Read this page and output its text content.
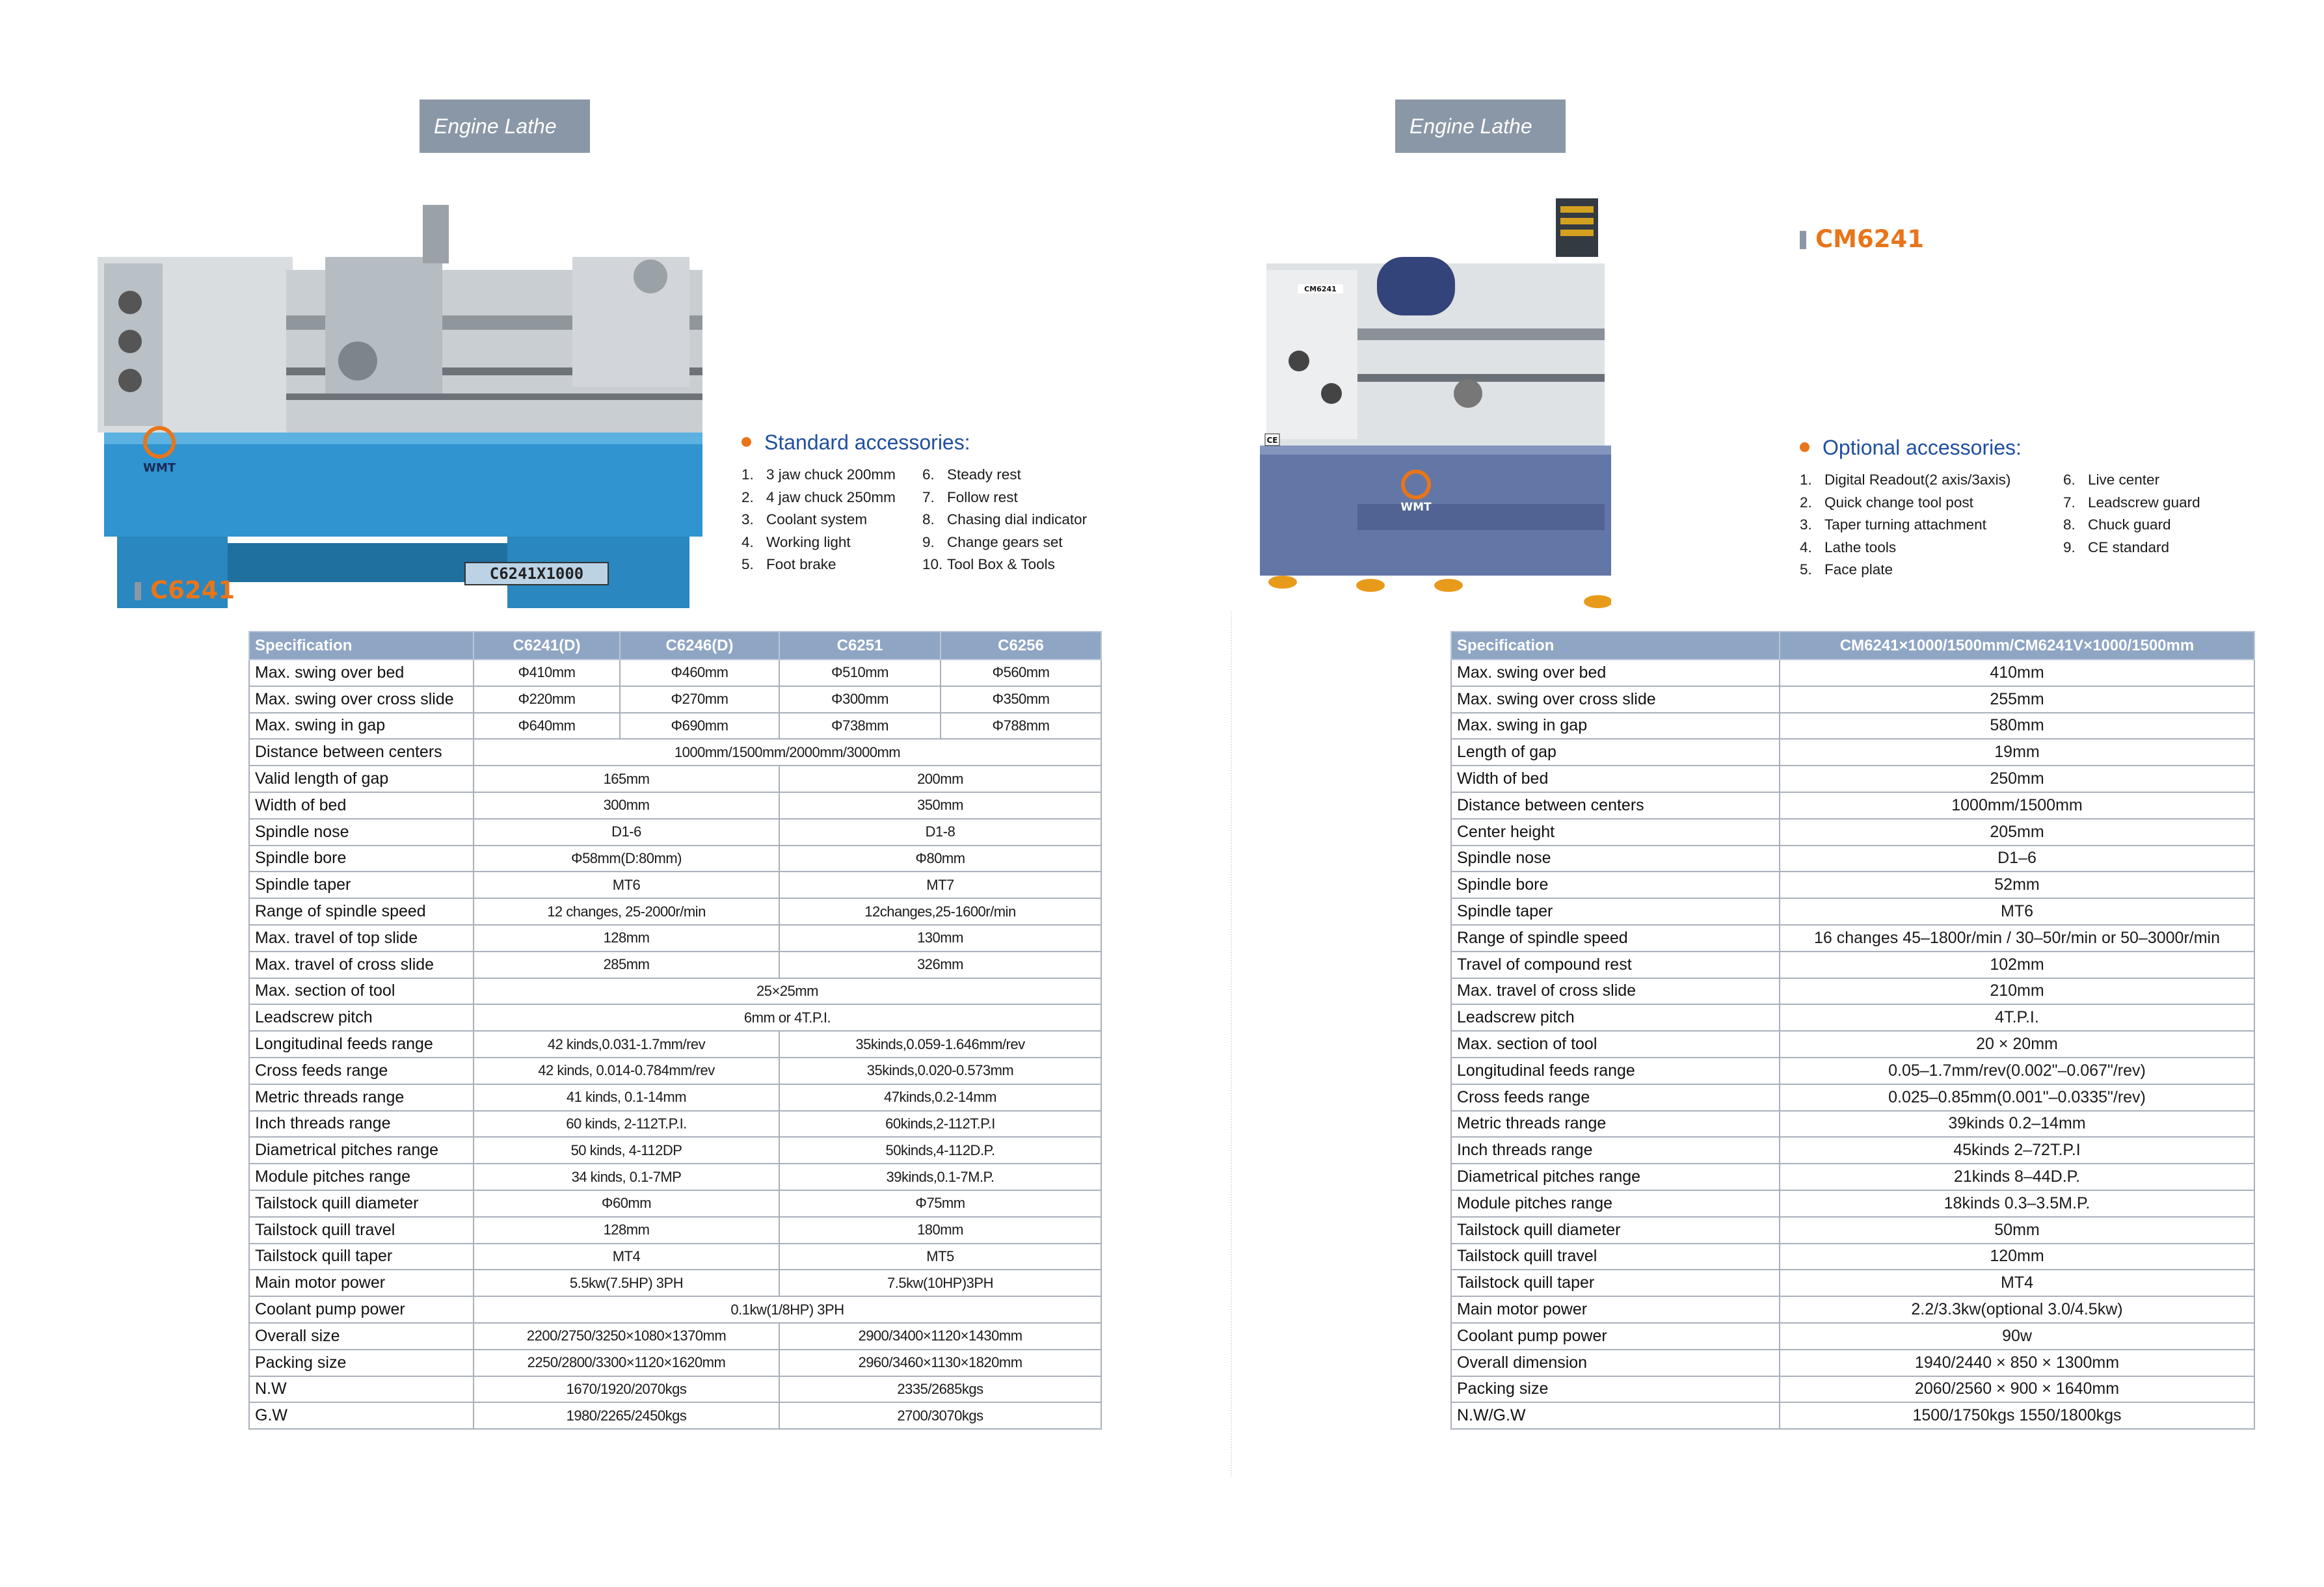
Engine Lathe
C6241X1000
WMT
C6241
Standard accessories:
1. 3 jaw chuck 200mm
2. 4 jaw chuck 250mm
3. Coolant system
4. Working light
5. Foot brake
6. Steady rest
7. Follow rest
8. Chasing dial indicator
9. Change gears set
10. Tool Box & Tools
Specification	C6241(D)	C6246(D)	C6251	C6256
Max. swing over bed	Φ410mm	Φ460mm	Φ510mm	Φ560mm
Max. swing over cross slide	Φ220mm	Φ270mm	Φ300mm	Φ350mm
Max. swing in gap	Φ640mm	Φ690mm	Φ738mm	Φ788mm
Distance between centers	1000mm/1500mm/2000mm/3000mm			
Valid length of gap	165mm		200mm	
Width of bed	300mm		350mm	
Spindle nose	D1-6		D1-8	
Spindle bore	Φ58mm(D:80mm)		Φ80mm	
Spindle taper	MT6		MT7	
Range of spindle speed	12 changes, 25-2000r/min		12changes,25-1600r/min	
Max. travel of top slide	128mm		130mm	
Max. travel of cross slide	285mm		326mm	
Max. section of tool	25×25mm			
Leadscrew pitch	6mm or 4T.P.I.			
Longitudinal feeds range	42 kinds,0.031-1.7mm/rev		35kinds,0.059-1.646mm/rev	
Cross feeds range	42 kinds, 0.014-0.784mm/rev		35kinds,0.020-0.573mm	
Metric threads range	41 kinds, 0.1-14mm		47kinds,0.2-14mm	
Inch threads range	60 kinds, 2-112T.P.I.		60kinds,2-112T.P.I	
Diametrical pitches range	50 kinds, 4-112DP		50kinds,4-112D.P.	
Module pitches range	34 kinds, 0.1-7MP		39kinds,0.1-7M.P.	
Tailstock quill diameter	Φ60mm		Φ75mm	
Tailstock quill travel	128mm		180mm	
Tailstock quill taper	MT4		MT5	
Main motor power	5.5kw(7.5HP) 3PH		7.5kw(10HP)3PH	
Coolant pump power	0.1kw(1/8HP) 3PH			
Overall size	2200/2750/3250×1080×1370mm		2900/3400×1120×1430mm	
Packing size	2250/2800/3300×1120×1620mm		2960/3460×1130×1820mm	
N.W	1670/1920/2070kgs		2335/2685kgs	
G.W	1980/2265/2450kgs		2700/3070kgs	
Engine Lathe
WMT
CE
CM6241
CM6241
Optional accessories:
1. Digital Readout(2 axis/3axis)
2. Quick change tool post
3. Taper turning attachment
4. Lathe tools
5. Face plate
6. Live center
7. Leadscrew guard
8. Chuck guard
9. CE standard
Specification	CM6241×1000/1500mm/CM6241V×1000/1500mm
Max. swing over bed	410mm
Max. swing over cross slide	255mm
Max. swing in gap	580mm
Length of gap	19mm
Width of bed	250mm
Distance between centers	1000mm/1500mm
Center height	205mm
Spindle nose	D1–6
Spindle bore	52mm
Spindle taper	MT6
Range of spindle speed	16 changes 45–1800r/min / 30–50r/min or 50–3000r/min
Travel of compound rest	102mm
Max. travel of cross slide	210mm
Leadscrew pitch	4T.P.I.
Max. section of tool	20 × 20mm
Longitudinal feeds range	0.05–1.7mm/rev(0.002"–0.067"/rev)
Cross feeds range	0.025–0.85mm(0.001"–0.0335"/rev)
Metric threads range	39kinds 0.2–14mm
Inch threads range	45kinds 2–72T.P.I
Diametrical pitches range	21kinds 8–44D.P.
Module pitches range	18kinds 0.3–3.5M.P.
Tailstock quill diameter	50mm
Tailstock quill travel	120mm
Tailstock quill taper	MT4
Main motor power	2.2/3.3kw(optional 3.0/4.5kw)
Coolant pump power	90w
Overall dimension	1940/2440 × 850 × 1300mm
Packing size	2060/2560 × 900 × 1640mm
N.W/G.W	1500/1750kgs 1550/1800kgs
